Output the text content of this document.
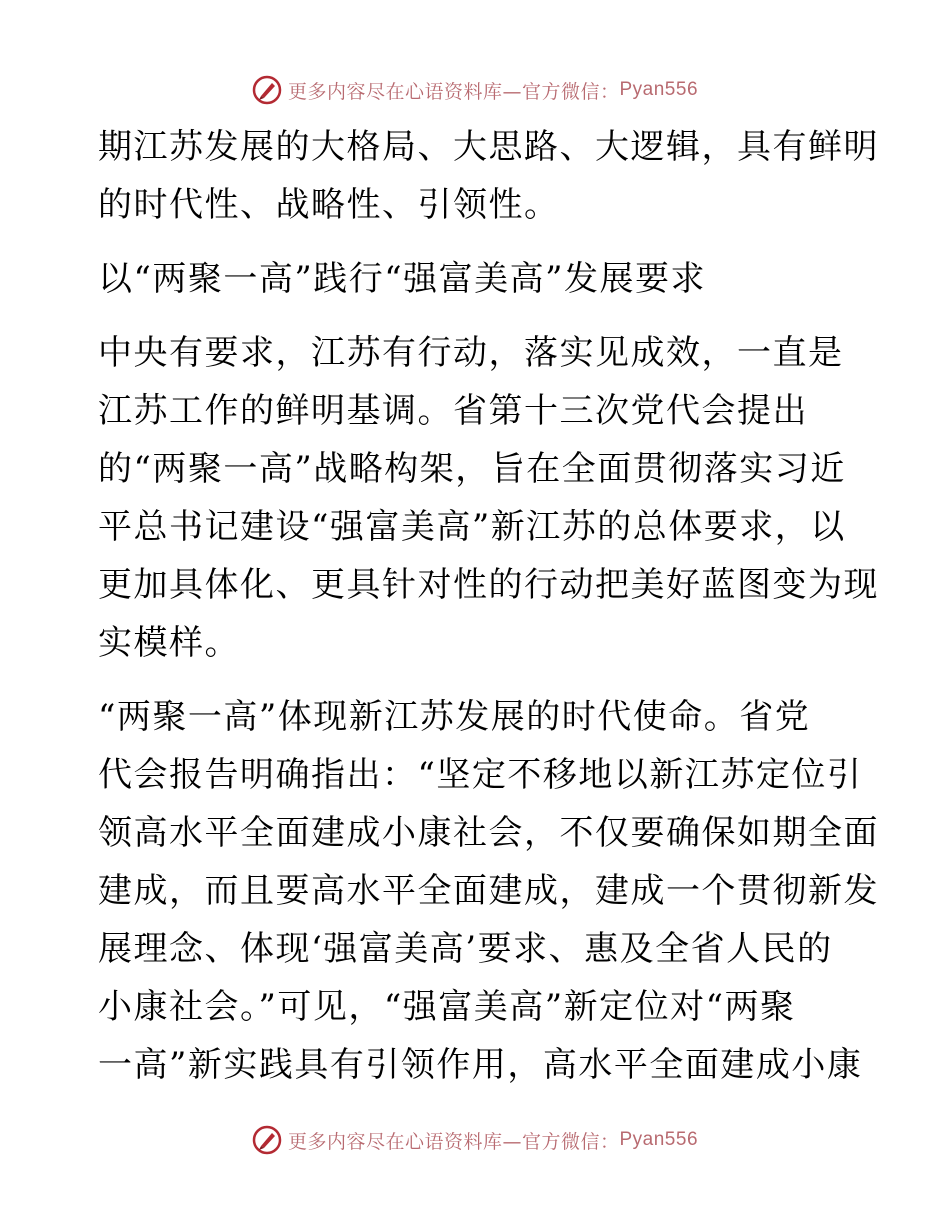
更多内容尽在心语资料库—官方微信： Pyan556
期江苏发展的大格局、大思路、大逻辑，具有鲜明
的时代性、战略性、引领性。
以“两聚一高”践行“强富美高”发展要求
中央有要求，江苏有行动，落实见成效，一直是
江苏工作的鲜明基调。省第十三次党代会提出
的“两聚一高”战略构架，旨在全面贯彻落实习近
平总书记建设“强富美高”新江苏的总体要求，以
更加具体化、更具针对性的行动把美好蓝图变为现
实模样。
“两聚一高”体现新江苏发展的时代使命。省党
代会报告明确指出：“坚定不移地以新江苏定位引
领高水平全面建成小康社会，不仅要确保如期全面
建成，而且要高水平全面建成，建成一个贯彻新发
展理念、体现‘强富美高’要求、惠及全省人民的
小康社会。”可见，“强富美高”新定位对“两聚
一高”新实践具有引领作用，高水平全面建成小康
更多内容尽在心语资料库—官方微信： Pyan556
